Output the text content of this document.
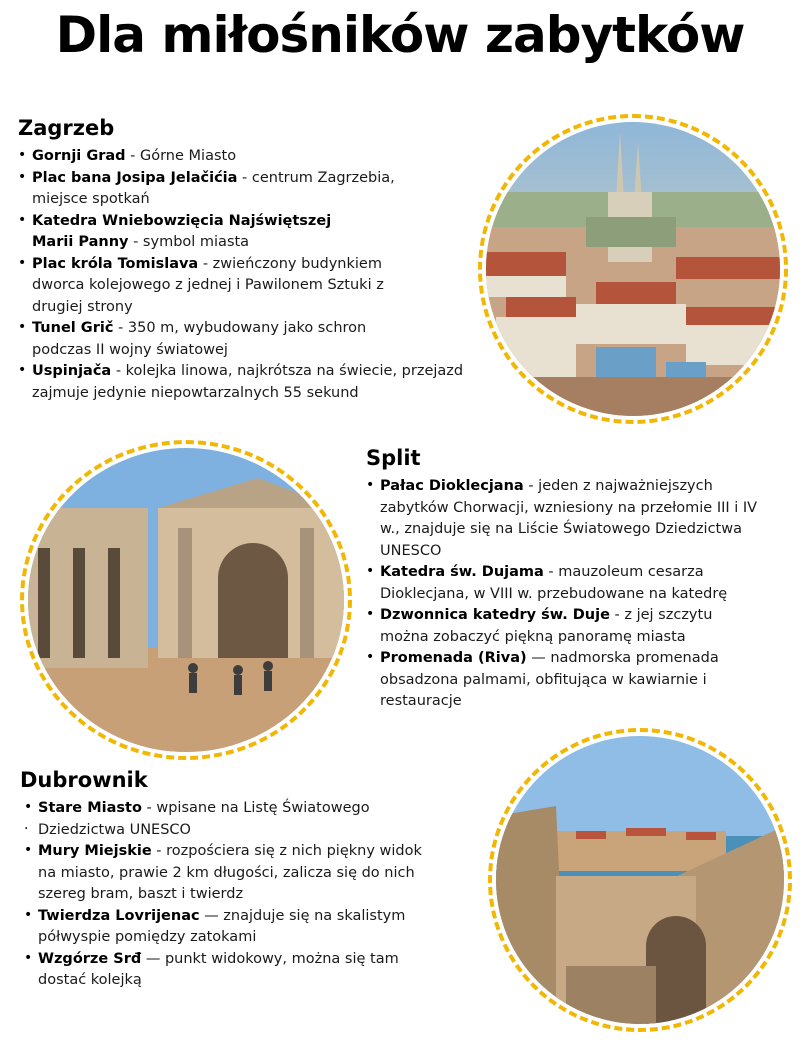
Dla miłośników zabytków
Zagrzeb
• Gornji Grad - Górne Miasto
• Plac bana Josipa Jelačićia - centrum Zagrzebia, miejsce spotkań
• Katedra Wniebowzięcia Najświętszej Marii Panny - symbol miasta
• Plac króla Tomislava - zwieńczony budynkiem dworca kolejowego z jednej i Pawilonem Sztuki z drugiej strony
• Tunel Grič - 350 m, wybudowany jako schron podczas II wojny światowej
• Uspinjača - kolejka linowa, najkrótsza na świecie, przejazd zajmuje jedynie niepowtarzalnych 55 sekund
Split
• Pałac Dioklecjana - jeden z najważniejszych zabytków Chorwacji, wzniesiony na przełomie III i IV w., znajduje się na Liście Światowego Dziedzictwa UNESCO
• Katedra św. Dujama - mauzoleum cesarza Dioklecjana, w VIII w. przebudowane na katedrę
• Dzwonnica katedry św. Duje - z jej szczytu można zobaczyć piękną panoramę miasta
• Promenada (Riva) — nadmorska promenada obsadzona palmami, obfitująca w kawiarnie i restauracje
Dubrownik
• Stare Miasto - wpisane na Listę Światowego
· Dziedzictwa UNESCO
• Mury Miejskie - rozpościera się z nich piękny widok na miasto, prawie 2 km długości, zalicza się do nich szereg bram, baszt i twierdz
• Twierdza Lovrijenac — znajduje się na skalistym półwyspie pomiędzy zatokami
• Wzgórze Srđ — punkt widokowy, można się tam dostać kolejką
